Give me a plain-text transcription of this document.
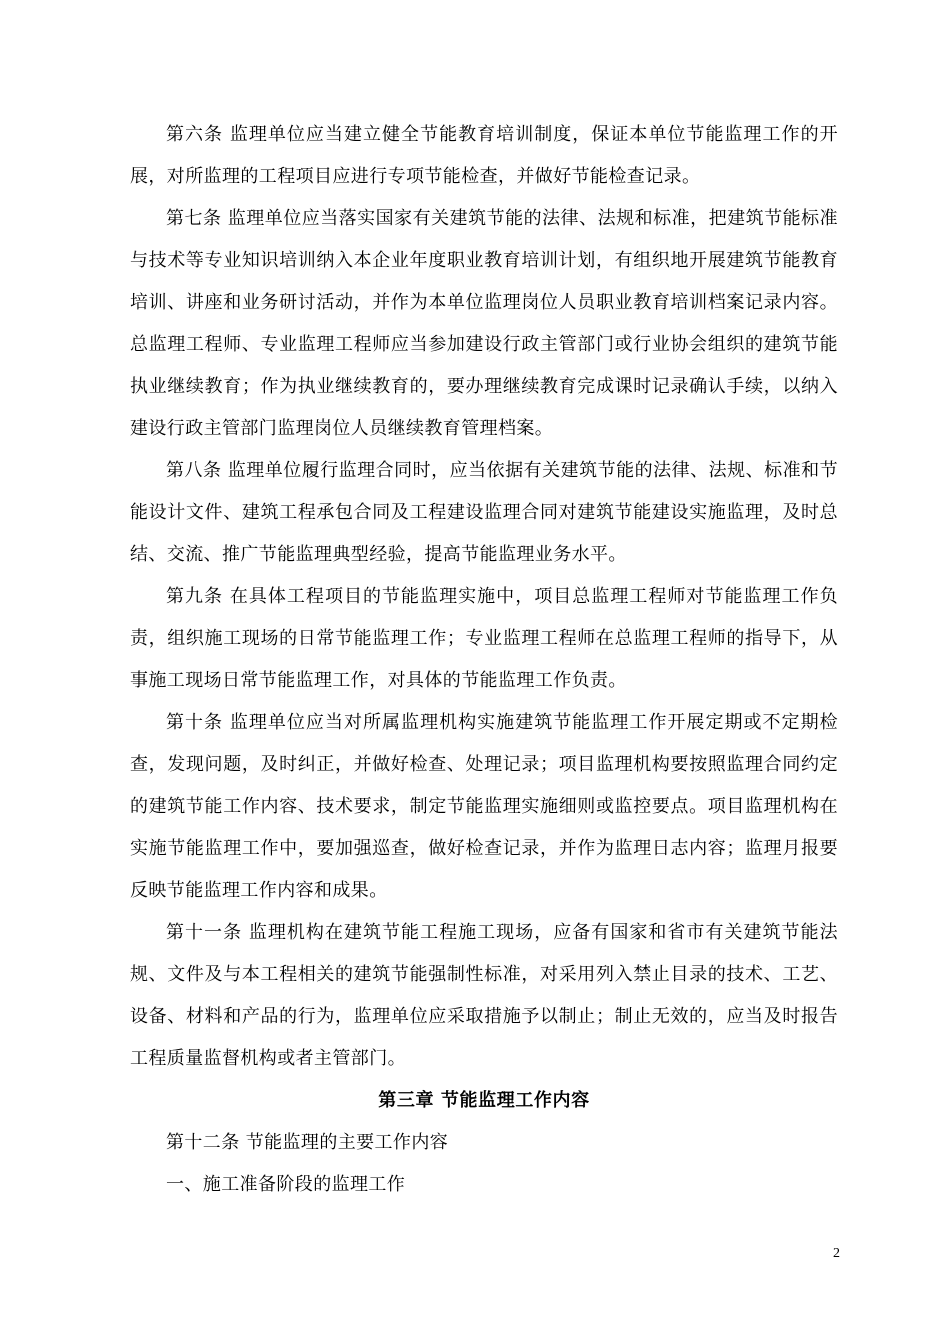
第六条 监理单位应当建立健全节能教育培训制度，保证本单位节能监理工作的开展，对所监理的工程项目应进行专项节能检查，并做好节能检查记录。

第七条 监理单位应当落实国家有关建筑节能的法律、法规和标准，把建筑节能标准与技术等专业知识培训纳入本企业年度职业教育培训计划，有组织地开展建筑节能教育培训、讲座和业务研讨活动，并作为本单位监理岗位人员职业教育培训档案记录内容。总监理工程师、专业监理工程师应当参加建设行政主管部门或行业协会组织的建筑节能执业继续教育；作为执业继续教育的，要办理继续教育完成课时记录确认手续，以纳入建设行政主管部门监理岗位人员继续教育管理档案。

第八条 监理单位履行监理合同时，应当依据有关建筑节能的法律、法规、标准和节能设计文件、建筑工程承包合同及工程建设监理合同对建筑节能建设实施监理，及时总结、交流、推广节能监理典型经验，提高节能监理业务水平。

第九条 在具体工程项目的节能监理实施中，项目总监理工程师对节能监理工作负责，组织施工现场的日常节能监理工作；专业监理工程师在总监理工程师的指导下，从事施工现场日常节能监理工作，对具体的节能监理工作负责。

第十条 监理单位应当对所属监理机构实施建筑节能监理工作开展定期或不定期检查，发现问题，及时纠正，并做好检查、处理记录；项目监理机构要按照监理合同约定的建筑节能工作内容、技术要求，制定节能监理实施细则或监控要点。项目监理机构在实施节能监理工作中，要加强巡查，做好检查记录，并作为监理日志内容；监理月报要反映节能监理工作内容和成果。

第十一条 监理机构在建筑节能工程施工现场，应备有国家和省市有关建筑节能法规、文件及与本工程相关的建筑节能强制性标准，对采用列入禁止目录的技术、工艺、设备、材料和产品的行为，监理单位应采取措施予以制止；制止无效的，应当及时报告工程质量监督机构或者主管部门。

第三章 节能监理工作内容

第十二条 节能监理的主要工作内容

一、施工准备阶段的监理工作

2
